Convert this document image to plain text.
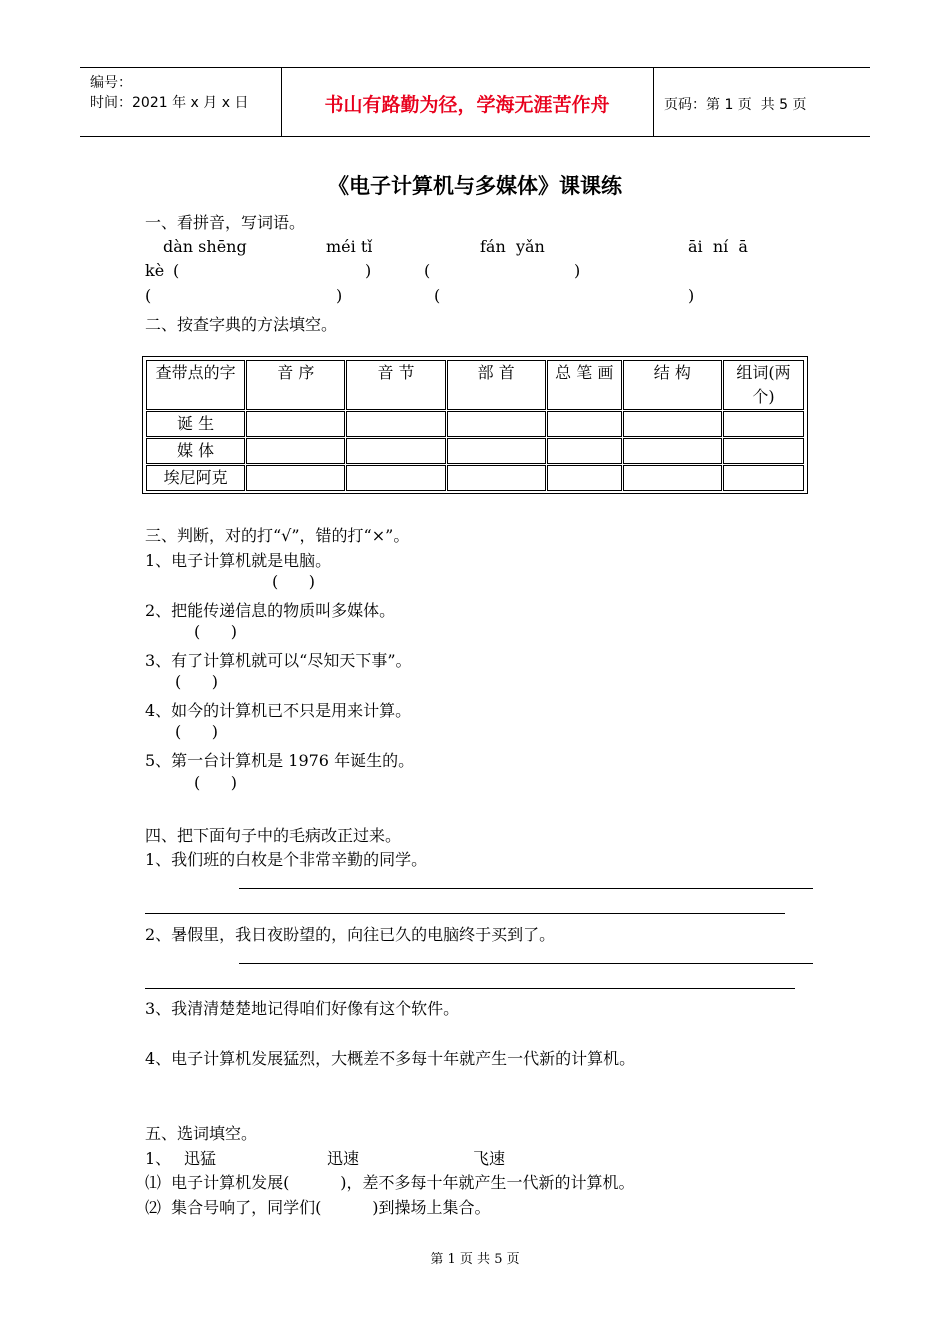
编号：
时间：2021 年 x 月 x 日	书山有路勤为径，学海无涯苦作舟	页码：第 1 页  共 5 页
《电子计算机与多媒体》课课练
一、看拼音，写词语。
dàn shēng	méi tǐ	fán  yǎn	āi  ní  ā
kè (	)	(	)
(	)	(	)
二、按查字典的方法填空。
查带点的字	音 序	音 节	部 首	总 笔 画	结 构	组词(两个)
诞 生						
媒 体						
埃尼阿克						
三、判断，对的打“√”，错的打“×”。
1、电子计算机就是电脑。
(      )
2、把能传递信息的物质叫多媒体。
(      )
3、有了计算机就可以“尽知天下事”。
(      )
4、如今的计算机已不只是用来计算。
(      )
5、第一台计算机是 1976 年诞生的。
(      )
四、把下面句子中的毛病改正过来。
1、我们班的白枚是个非常辛勤的同学。
2、暑假里，我日夜盼望的，向往已久的电脑终于买到了。
3、我清清楚楚地记得咱们好像有这个软件。
4、电子计算机发展猛烈，大概差不多每十年就产生一代新的计算机。
五、选词填空。
1、 迅猛	迅速	飞速
⑴  电子计算机发展(          )，差不多每十年就产生一代新的计算机。
⑵  集合号响了，同学们(          )到操场上集合。
第 1 页 共 5 页
